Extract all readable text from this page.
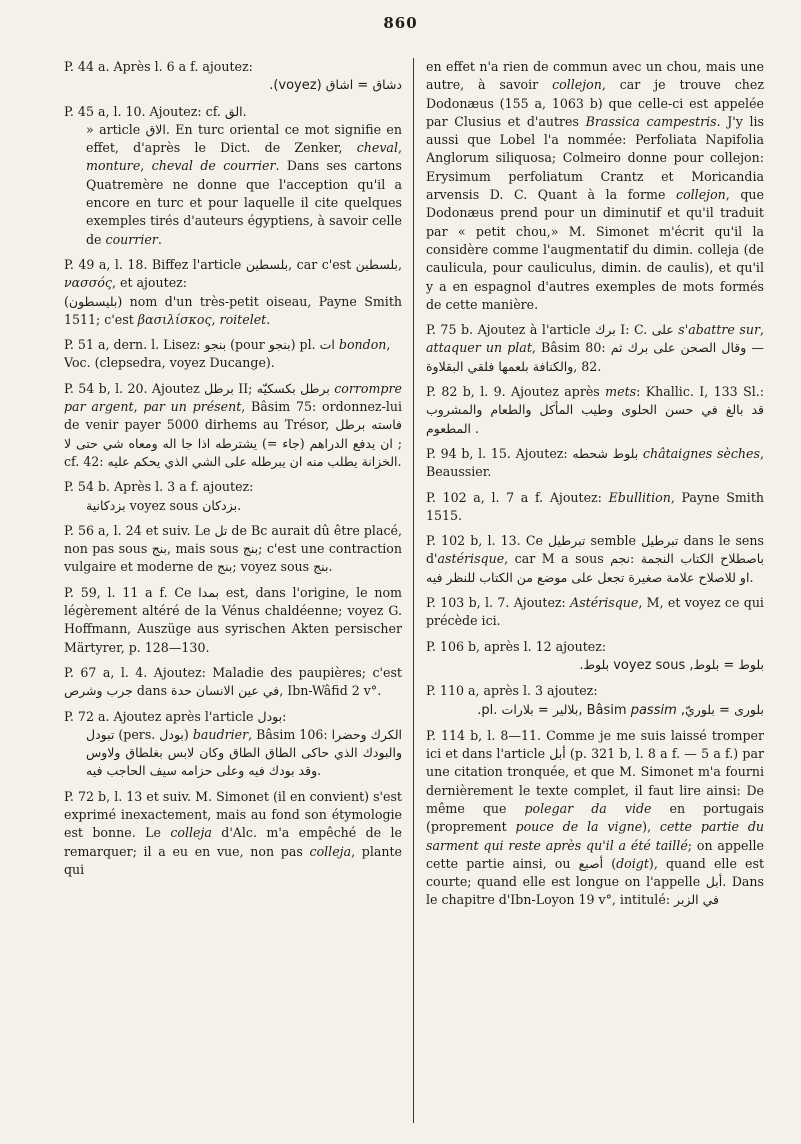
860

P. 44 a. Après l. 6 a f. ajoutez:

دشاق = اشاق (voyez).

P. 45 a, l. 10. Ajoutez: cf. الق.

» article الاق. En turc oriental ce mot signifie en effet, d'après le Dict. de Zenker, cheval, monture, cheval de courrier. Dans ses cartons Quatremère ne donne que l'acception qu'il a encore en turc et pour laquelle il cite quelques exemples tirés d'auteurs égyptiens, à savoir celle de courrier.

P. 49 a, l. 18. Biffez l'article بلسطين, car c'est بلسطين, νασσός, et ajoutez:

(بليسطون) nom d'un très-petit oiseau, Payne Smith 1511; c'est βασιλίσκος, roitelet.

P. 51 a, dern. l. Lisez: بنجو (pour بنجو) pl. ات bondon,

Voc. (clepsedra, voyez Ducange).

P. 54 b, l. 20. Ajoutez برطل II; بكسكيّه برطل corrompre par argent, par un présent, Bâsim 75: ordonnez-lui de venir payer 5000 dirhems au Trésor, فاسته برطل اله ومعاه شي حتى لا يشترطه اذا جا (= جاء) ان يدفع الدراهم ; cf. 42: يطلب منه ان يبرطله على الشي الذي يحكم عليه الخزانة.

P. 54 b. Après l. 3 a f. ajoutez:

بزدكانية voyez sous بزدكان.

P. 56 a, l. 24 et suiv. Le تل de Bc aurait dû être placé, non pas sous بنج, mais sous بنج; c'est une contraction vulgaire et moderne de بنج; voyez sous بنج.

P. 59, l. 11 a f. Ce بمدا est, dans l'origine, le nom légèrement altéré de la Vénus chaldéenne; voyez G. Hoffmann, Auszüge aus syrischen Akten persischer Märtyrer, p. 128—130.

P. 67 a, l. 4. Ajoutez: Maladie des paupières; c'est جرب وشرص dans حدة في عين الانسان, Ibn-Wâfid 2 v°.

P. 72 a. Ajoutez après l'article بودل:

تبودل (pers. بودل) baudrier, Bâsim 106: وحضرا الكرك وكان لابس بغلطاق ولاوس الطاق حاكى الطاق والبودك الذي فيه الحاجب وعلى حزامه سيف وقد بودك فيه.

P. 72 b, l. 13 et suiv. M. Simonet (il en convient) s'est exprimé inexactement, mais au fond son étymologie est bonne. Le colleja d'Alc. m'a empêché de le remarquer; il a eu en vue, non pas colleja, plante qui

en effet n'a rien de commun avec un chou, mais une autre, à savoir collejon, car je trouve chez Dodonæus (155 a, 1063 b) que celle-ci est appelée par Clusius et d'autres Brassica campestris. J'y lis aussi que Lobel l'a nommée: Perfoliata Napifolia Anglorum siliquosa; Colmeiro donne pour collejon: Erysimum perfoliatum Crantz et Moricandia arvensis D. C. Quant à la forme collejon, que Dodonæus prend pour un diminutif et qu'il traduit par « petit chou,» M. Simonet m'écrit qu'il la considère comme l'augmentatif du dimin. colleja (de caulicula, pour cauliculus, dimin. de caulis), et qu'il y a en espagnol d'autres exemples de mots formés de cette manière.

P. 75 b. Ajoutez à l'article برك I: C. على s'abattre sur, attaquer un plat, Bâsim 80: ثم برك على الصحن وقال — البقلاوة فلقي بلعمها والكنافة, 82.

P. 82 b, l. 9. Ajoutez après mets: Khallic. I, 133 Sl.: قد بالغ في حسن الحلوى وطيب المأكل والطعام والمشروب المطعوم .

P. 94 b, l. 15. Ajoutez: بلوط شحطه châtaignes sèches, Beaussier.

P. 102 a, l. 7 a f. Ajoutez: Ebullition, Payne Smith 1515.

P. 102 b, l. 13. Ce تبرطيل semble تبرطيل dans le sens d'astérisque, car M a sous نجم: النجمة باصطلاح الكتاب علامة صغيرة تجعل على موضع من الكتاب للنظر فيه او للاصلاح.

P. 103 b, l. 7. Ajoutez: Astérisque, M, et voyez ce qui précède ici.

P. 106 b, après l. 12 ajoutez:

بلوط = بلوط, voyez sous بلوط.

P. 110 a, après l. 3 ajoutez:

بلورى = بلوريّ, pl. بلارات = بلالير, Bâsim passim.

P. 114 b, l. 8—11. Comme je me suis laissé tromper ici et dans l'article أبل (p. 321 b, l. 8 a f. — 5 a f.) par une citation tronquée, et que M. Simonet m'a fourni dernièrement le texte complet, il faut lire ainsi: De même que polegar da vide en portugais (proprement pouce de la vigne), cette partie du sarment qui reste après qu'il a été taillé; on appelle cette partie ainsi, ou أصبع (doigt), quand elle est courte; quand elle est longue on l'appelle أبل. Dans le chapitre d'Ibn-Loyon 19 v°, intitulé: في الزبر
